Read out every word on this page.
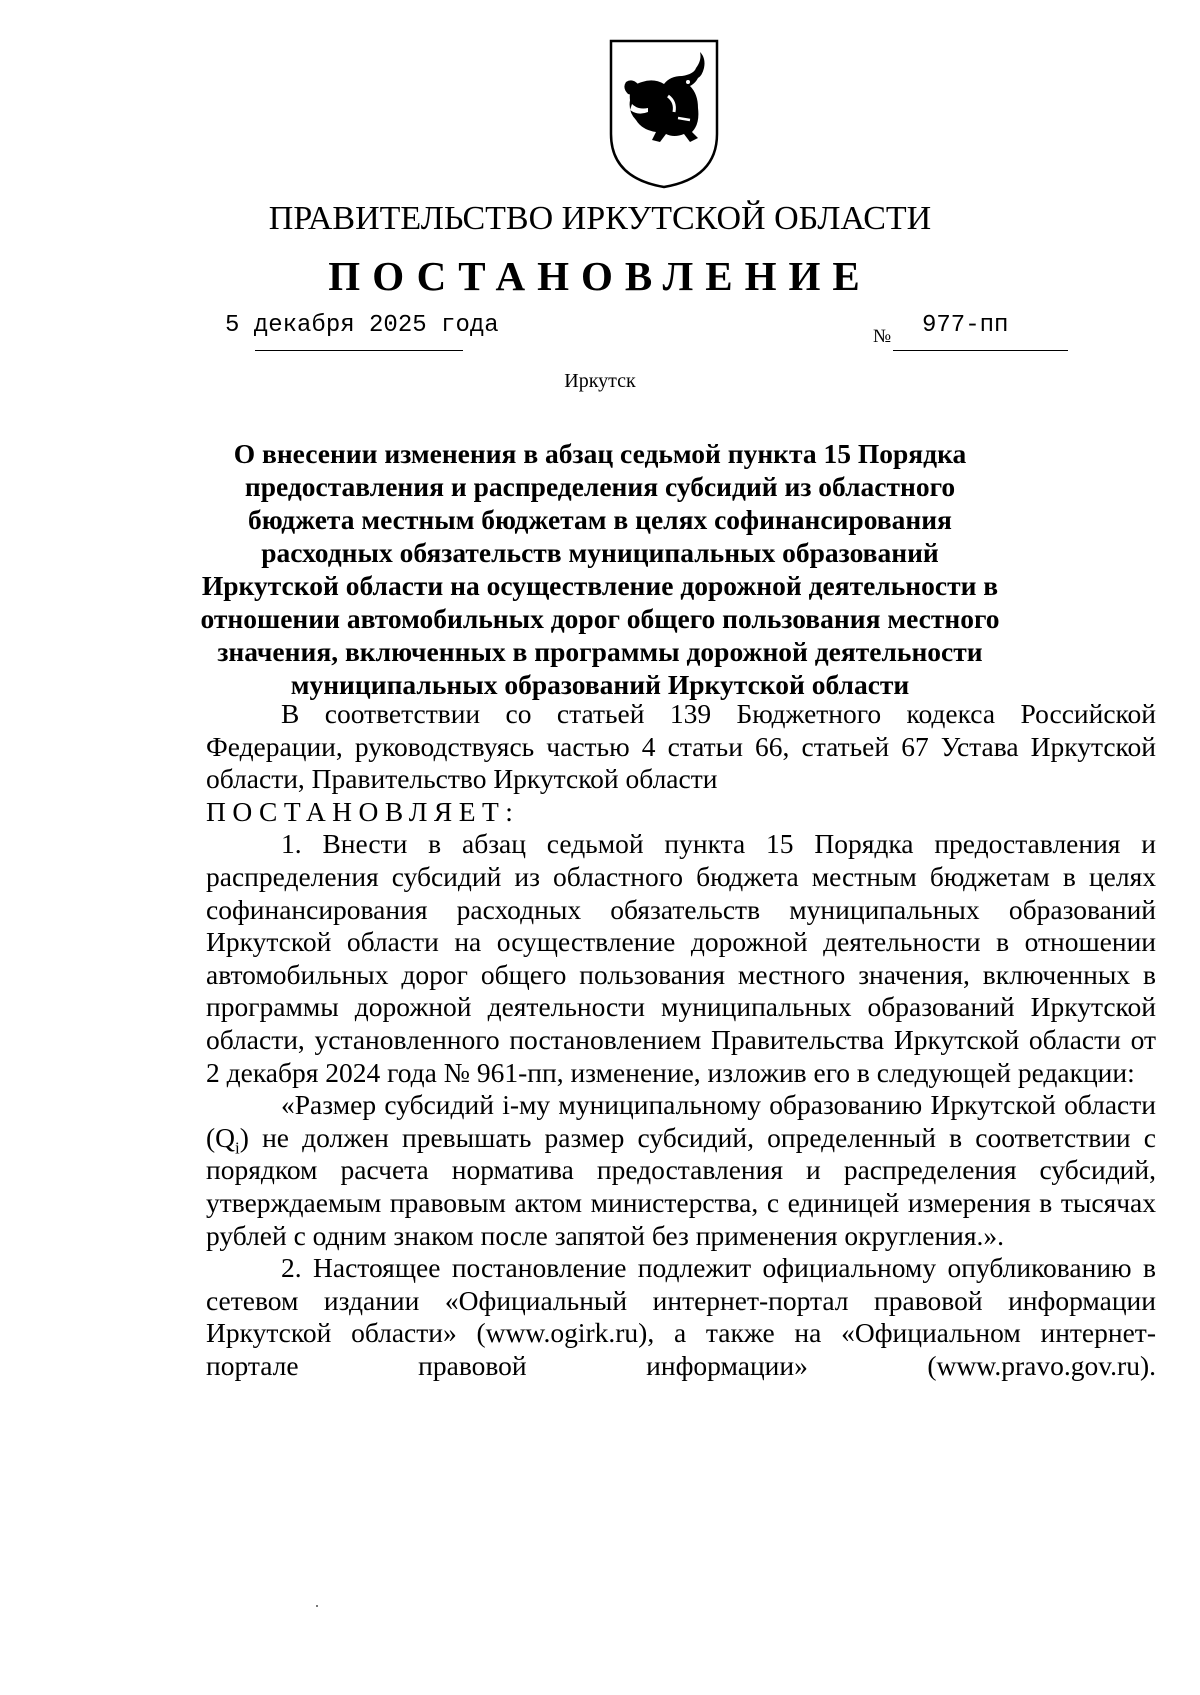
ПРАВИТЕЛЬСТВО ИРКУТСКОЙ ОБЛАСТИ
ПОСТАНОВЛЕНИЕ
5 декабря 2025 года	№ 977-пп
Иркутск
О внесении изменения в абзац седьмой пункта 15 Порядка предоставления и распределения субсидий из областного бюджета местным бюджетам в целях софинансирования расходных обязательств муниципальных образований Иркутской области на осуществление дорожной деятельности в отношении автомобильных дорог общего пользования местного значения, включенных в программы дорожной деятельности муниципальных образований Иркутской области

В соответствии со статьей 139 Бюджетного кодекса Российской Федерации, руководствуясь частью 4 статьи 66, статьей 67 Устава Иркутской области, Правительство Иркутской области

ПОСТАНОВЛЯЕТ:

1. Внести в абзац седьмой пункта 15 Порядка предоставления и распределения субсидий из областного бюджета местным бюджетам в целях софинансирования расходных обязательств муниципальных образований Иркутской области на осуществление дорожной деятельности в отношении автомобильных дорог общего пользования местного значения, включенных в программы дорожной деятельности муниципальных образований Иркутской области, установленного постановлением Правительства Иркутской области от 2 декабря 2024 года № 961-пп, изменение, изложив его в следующей редакции:

«Размер субсидий i-му муниципальному образованию Иркутской области $(Q_i)$ не должен превышать размер субсидий, определенный в соответствии с порядком расчета норматива предоставления и распределения субсидий, утверждаемым правовым актом министерства, с единицей измерения в тысячах рублей с одним знаком после запятой без применения округления.».

2. Настоящее постановление подлежит официальному опубликованию в сетевом издании «Официальный интернет-портал правовой информации Иркутской области» (www.ogirk.ru), а также на «Официальном интернет-портале правовой информации» (www.pravo.gov.ru).
